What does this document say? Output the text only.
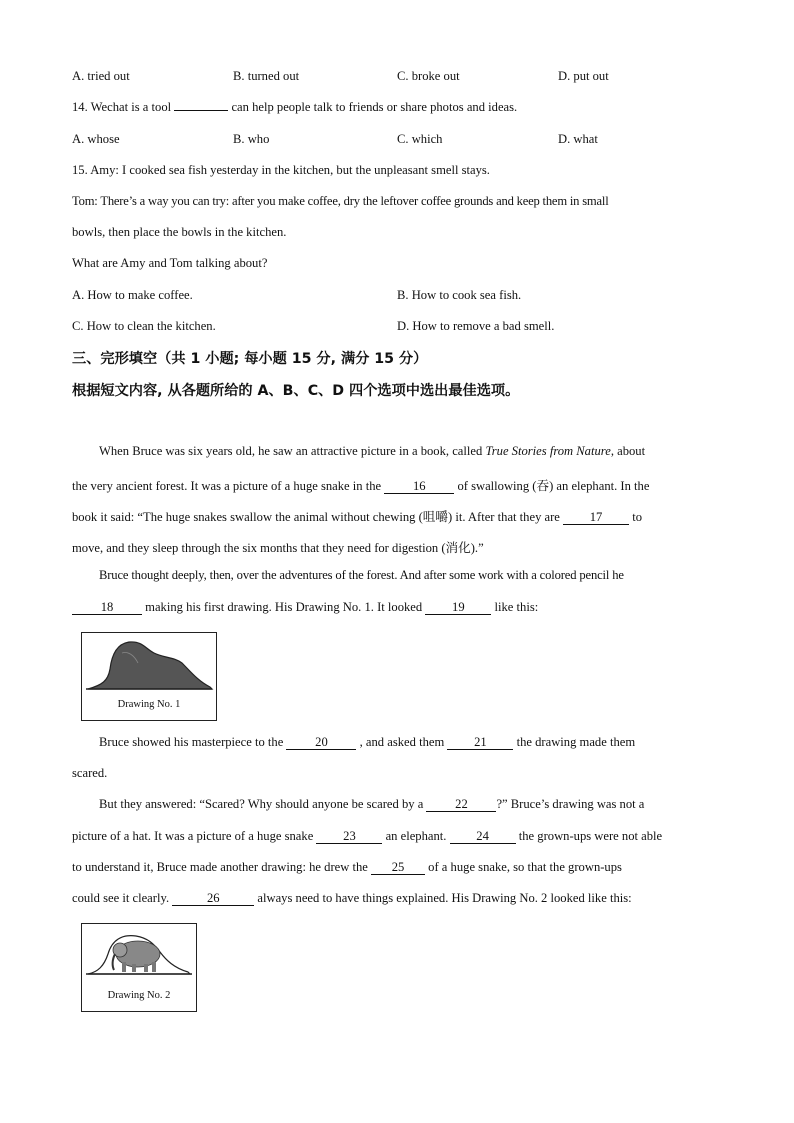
A. tried out	B. turned out	C. broke out	D. put out
14. Wechat is a tool	can help people talk to friends or share photos and ideas.
A. whose	B. who	C. which	D. what
15. Amy: I cooked sea fish yesterday in the kitchen, but the unpleasant smell stays.
Tom: There’s a way you can try: after you make coffee, dry the leftover coffee grounds and keep them in small
bowls, then place the bowls in the kitchen.
What are Amy and Tom talking about?
A. How to make coffee.	B. How to cook sea fish.
C. How to clean the kitchen.	D. How to remove a bad smell.
三、完形填空（共 1 小题; 每小题 15 分, 满分 15 分）
根据短文内容, 从各题所给的 A、B、C、D 四个选项中选出最佳选项。
When Bruce was six years old, he saw an attractive picture in a book, called True Stories from Nature, about
the very ancient forest. It was a picture of a huge snake in the	16	of swallowing (吞) an elephant. In the
book it said: “The huge snakes swallow the animal without chewing (咀嚼) it. After that they are 17 to
move, and they sleep through the six months that they need for digestion (消化).”
Bruce thought deeply, then, over the adventures of the forest. And after some work with a colored pencil he
18	making his first drawing. His Drawing No. 1. It looked 19 like this:
Drawing No. 1
Bruce showed his masterpiece to the	20	, and asked them 21 the drawing made them
scared.
But they answered: “Scared? Why should anyone be scared by a	22 ?” Bruce’s drawing was not a
picture of a hat. It was a picture of a huge snake 23 an elephant. 24 the grown-ups were not able
to understand it, Bruce made another drawing: he drew the 25 of a huge snake, so that the grown-ups
could see it clearly.	26	always need to have things explained. His Drawing No. 2 looked like this:
Drawing No. 2
